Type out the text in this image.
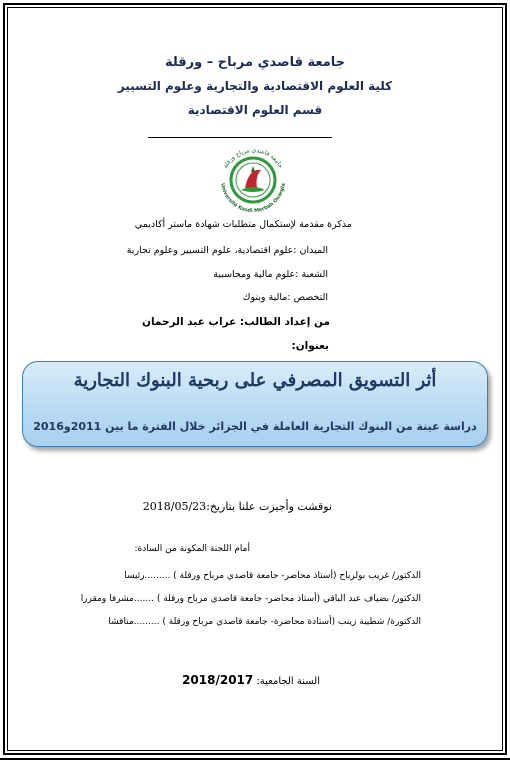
جامعة قاصدي مرباح – ورقلة
كلية العلوم الاقتصادية والتجارية وعلوم التسيير
قسم العلوم الاقتصادية
جامعة قاصدي مرباح ورقلة
Université Kasdi Merbah Ouargla
مذكرة مقدمة لإستكمال متطلبات شهادة ماستر أكاديمي
الميدان :علوم اقتصادية، علوم التسيير وعلوم تجارية
الشعبة :علوم مالية ومحاسبية
التخصص :مالية وبنوك
من إعداد الطالب: عراب عبد الرحمان
بعنوان:
أثر التسويق المصرفي على ربحية البنوك التجارية
دراسة عينة من البنوك التجارية العاملة في الجزائر خلال الفترة ما بين 2011و2016
نوقشت وأجيزت علنا بتاريخ:2018/05/23
أمام اللجنة المكونة من السادة:
الدكتور/ غريب بولرباح (أستاذ محاضر- جامعة قاصدي مرباح ورقلة ) .........رئيسا
الدكتور/ بضياف عبد الباقي (أستاذ محاضر- جامعة قاصدي مرباح ورقلة ) .......مشرفا ومقررا
الدكتورة/ شطيبة زينب (أستاذة محاضرة- جامعة قاصدي مرباح ورقلة ) .........مناقشا
السنة الجامعية: 2018/2017
